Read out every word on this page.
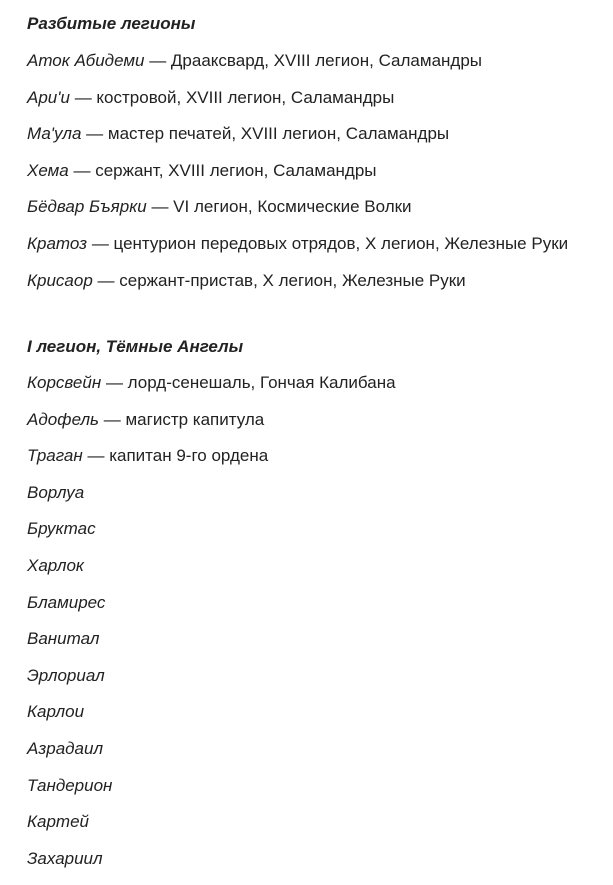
Разбитые легионы
Аток Абидеми — Драаксвард, XVIII легион, Саламандры
Ари'и — костровой, XVIII легион, Саламандры
Ма'ула — мастер печатей, XVIII легион, Саламандры
Хема — сержант, XVIII легион, Саламандры
Бёдвар Бъярки — VI легион, Космические Волки
Кратоз — центурион передовых отрядов, X легион, Железные Руки
Крисаор — сержант-пристав, X легион, Железные Руки
I легион, Тёмные Ангелы
Корсвейн — лорд-сенешаль, Гончая Калибана
Адофель — магистр капитула
Траган — капитан 9-го ордена
Ворлуа
Бруктас
Харлок
Бламирес
Ванитал
Эрлориал
Карлои
Азрадаил
Тандерион
Картей
Захариил
